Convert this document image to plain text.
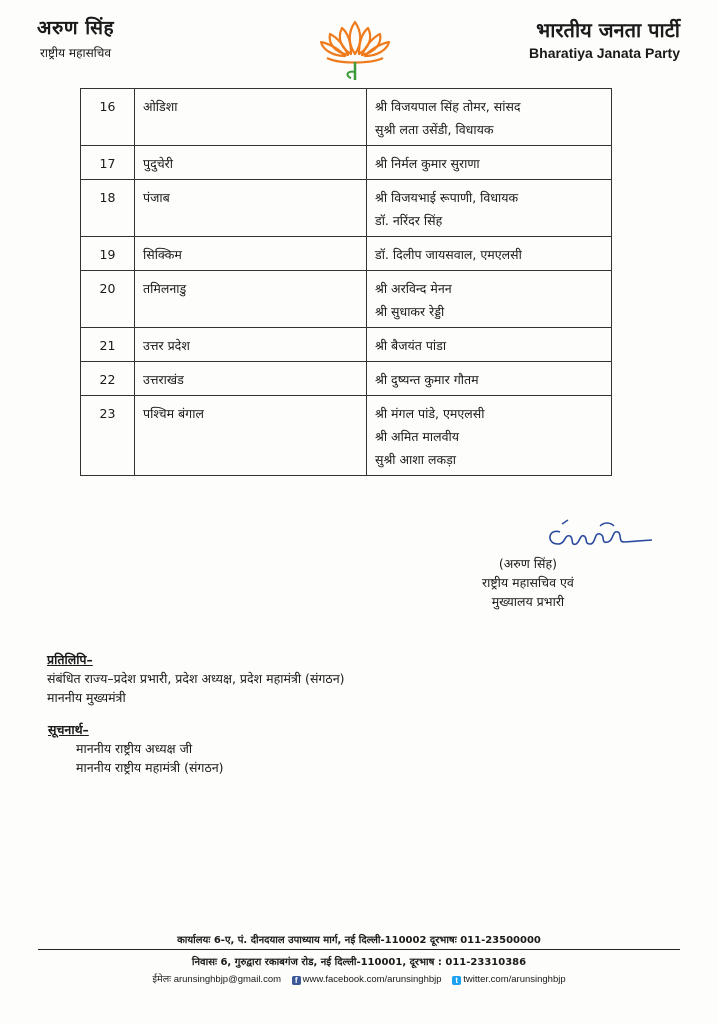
अरुण सिंह
राष्ट्रीय महासचिव
भारतीय जनता पार्टी
Bharatiya Janata Party
16	ओडिशा	श्री विजयपाल सिंह तोमर, सांसद
सुश्री लता उसेंडी, विधायक

17	पुदुचेरी	श्री निर्मल कुमार सुराणा

18	पंजाब	श्री विजयभाई रूपाणी, विधायक
डॉ. नरिंदर सिंह

19	सिक्किम	डॉ. दिलीप जायसवाल, एमएलसी

20	तमिलनाडु	श्री अरविन्द मेनन
श्री सुधाकर रेड्डी

21	उत्तर प्रदेश	श्री बैजयंत पांडा

22	उत्तराखंड	श्री दुष्यन्त कुमार गौतम

23	पश्चिम बंगाल	श्री मंगल पांडे, एमएलसी
श्री अमित मालवीय
सुश्री आशा लकड़ा
(अरुण सिंह)
राष्ट्रीय महासचिव एवं
मुख्यालय प्रभारी
प्रतिलिपि–
संबंधित राज्य–प्रदेश प्रभारी, प्रदेश अध्यक्ष, प्रदेश महामंत्री (संगठन)
माननीय मुख्यमंत्री
सूचनार्थ–
माननीय राष्ट्रीय अध्यक्ष जी
माननीय राष्ट्रीय महामंत्री (संगठन)
कार्यालयः 6-ए, पं. दीनदयाल उपाध्याय मार्ग, नई दिल्ली-110002 दूरभाषः 011-23500000
निवासः 6, गुरुद्वारा रकाबगंज रोड, नई दिल्ली-110001, दूरभाष : 011-23310386
ईमेलः arunsinghbjp@gmail.com f www.facebook.com/arunsinghbjp t twitter.com/arunsinghbjp
